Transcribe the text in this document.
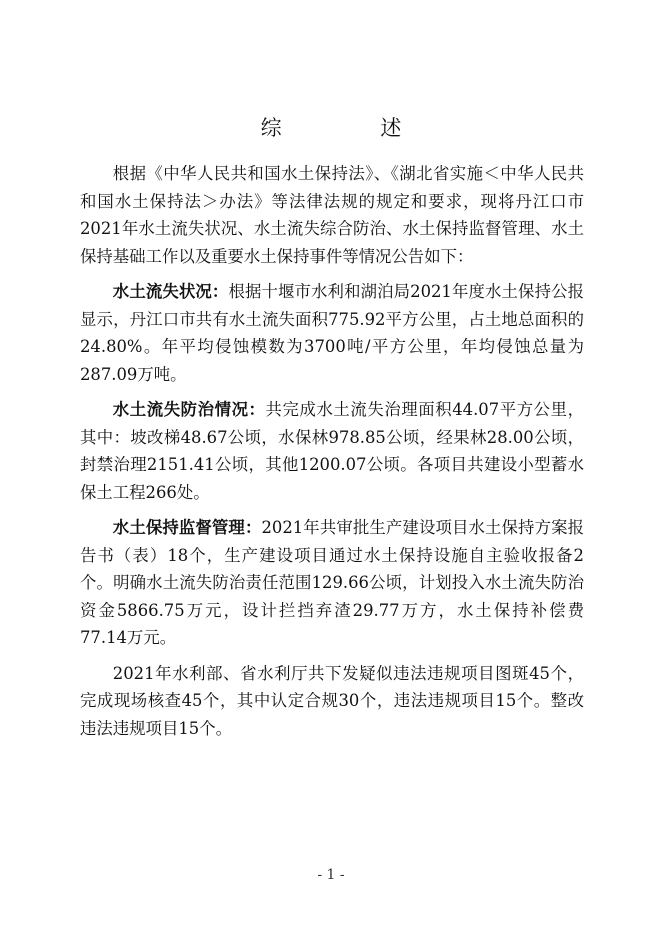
综 述

根据《中华人民共和国水土保持法》、《湖北省实施＜中华人民共和国水土保持法＞办法》等法律法规的规定和要求，现将丹江口市2021年水土流失状况、水土流失综合防治、水土保持监督管理、水土保持基础工作以及重要水土保持事件等情况公告如下：

水土流失状况：根据十堰市水利和湖泊局2021年度水土保持公报显示，丹江口市共有水土流失面积775.92平方公里，占土地总面积的24.80%。年平均侵蚀模数为3700吨/平方公里，年均侵蚀总量为287.09万吨。

水土流失防治情况：共完成水土流失治理面积44.07平方公里，其中：坡改梯48.67公顷，水保林978.85公顷，经果林28.00公顷，封禁治理2151.41公顷，其他1200.07公顷。各项目共建设小型蓄水保土工程266处。

水土保持监督管理：2021年共审批生产建设项目水土保持方案报告书（表）18个，生产建设项目通过水土保持设施自主验收报备2个。明确水土流失防治责任范围129.66公顷，计划投入水土流失防治资金5866.75万元，设计拦挡弃渣29.77万方，水土保持补偿费77.14万元。

2021年水利部、省水利厅共下发疑似违法违规项目图斑45个，完成现场核查45个，其中认定合规30个，违法违规项目15个。整改违法违规项目15个。

- 1 -
